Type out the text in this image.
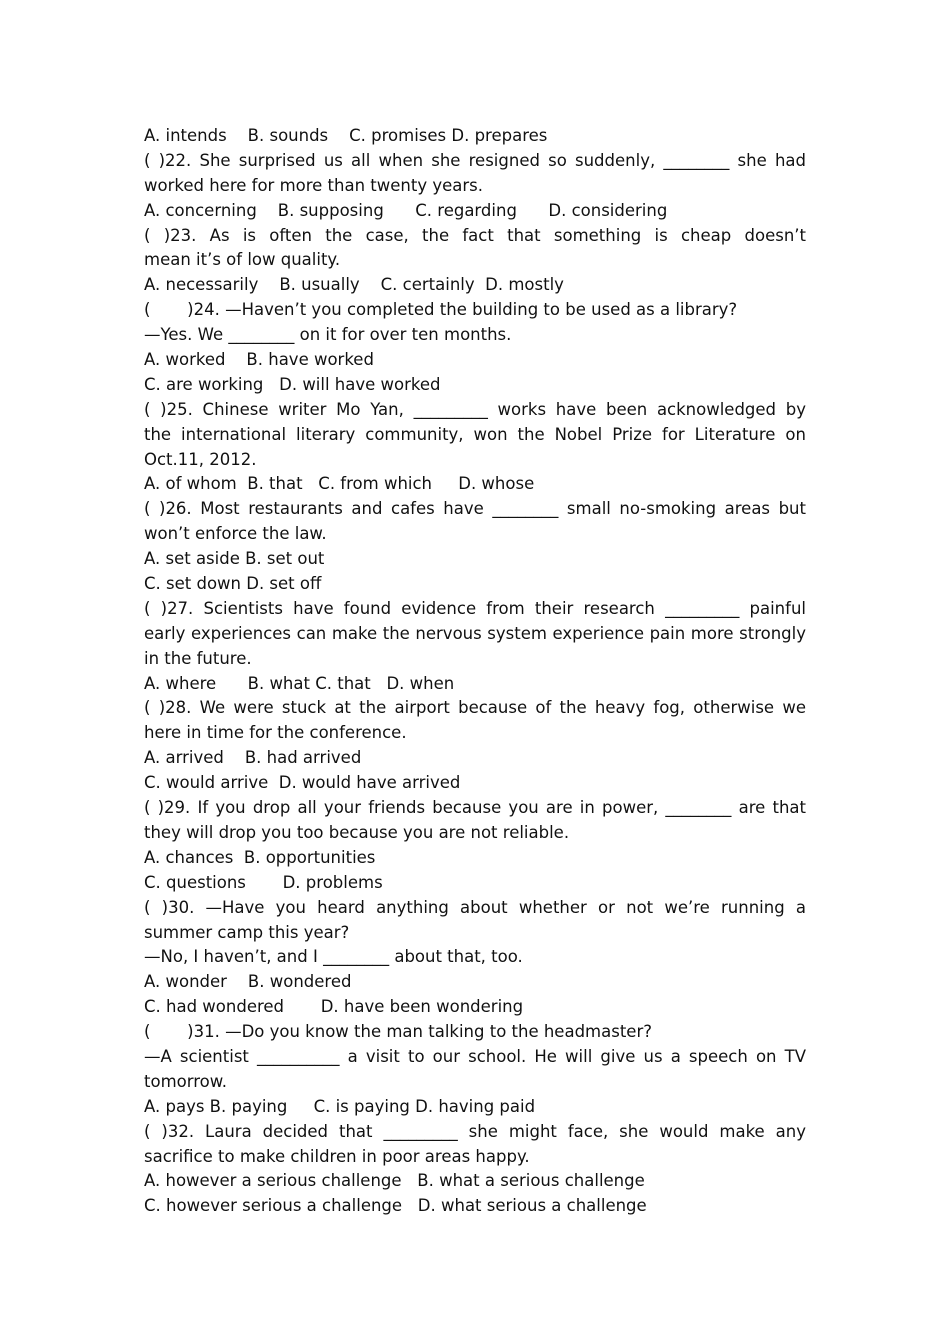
A. intends    B. sounds    C. promises D. prepares
( )22. She surprised us all when she resigned so suddenly, ________ she had
worked here for more than twenty years.
A. concerning    B. supposing      C. regarding      D. considering
( )23. As is often the case, the fact that something is cheap doesn’t
mean it’s of low quality.
A. necessarily    B. usually    C. certainly  D. mostly
(       )24. —Haven’t you completed the building to be used as a library?
—Yes. We ________ on it for over ten months.
A. worked    B. have worked
C. are working   D. will have worked
( )25. Chinese writer Mo Yan, _________ works have been acknowledged by
the international literary community, won the Nobel Prize for Literature on
Oct.11, 2012.
A. of whom  B. that   C. from which     D. whose
( )26. Most restaurants and cafes have ________ small no-smoking areas but
won’t enforce the law.
A. set aside B. set out
C. set down D. set off
( )27. Scientists have found evidence from their research _________ painful
early experiences can make the nervous system experience pain more strongly
in the future.
A. where      B. what C. that   D. when
( )28. We were stuck at the airport because of the heavy fog, otherwise we
here in time for the conference.
A. arrived    B. had arrived
C. would arrive  D. would have arrived
( )29. If you drop all your friends because you are in power, ________ are that
they will drop you too because you are not reliable.
A. chances  B. opportunities
C. questions       D. problems
( )30. —Have you heard anything about whether or not we’re running a
summer camp this year?
—No, I haven’t, and I ________ about that, too.
A. wonder    B. wondered
C. had wondered       D. have been wondering
(       )31. —Do you know the man talking to the headmaster?
—A scientist __________ a visit to our school. He will give us a speech on TV
tomorrow.
A. pays B. paying     C. is paying D. having paid
( )32. Laura decided that _________ she might face, she would make any
sacrifice to make children in poor areas happy.
A. however a serious challenge   B. what a serious challenge
C. however serious a challenge   D. what serious a challenge
